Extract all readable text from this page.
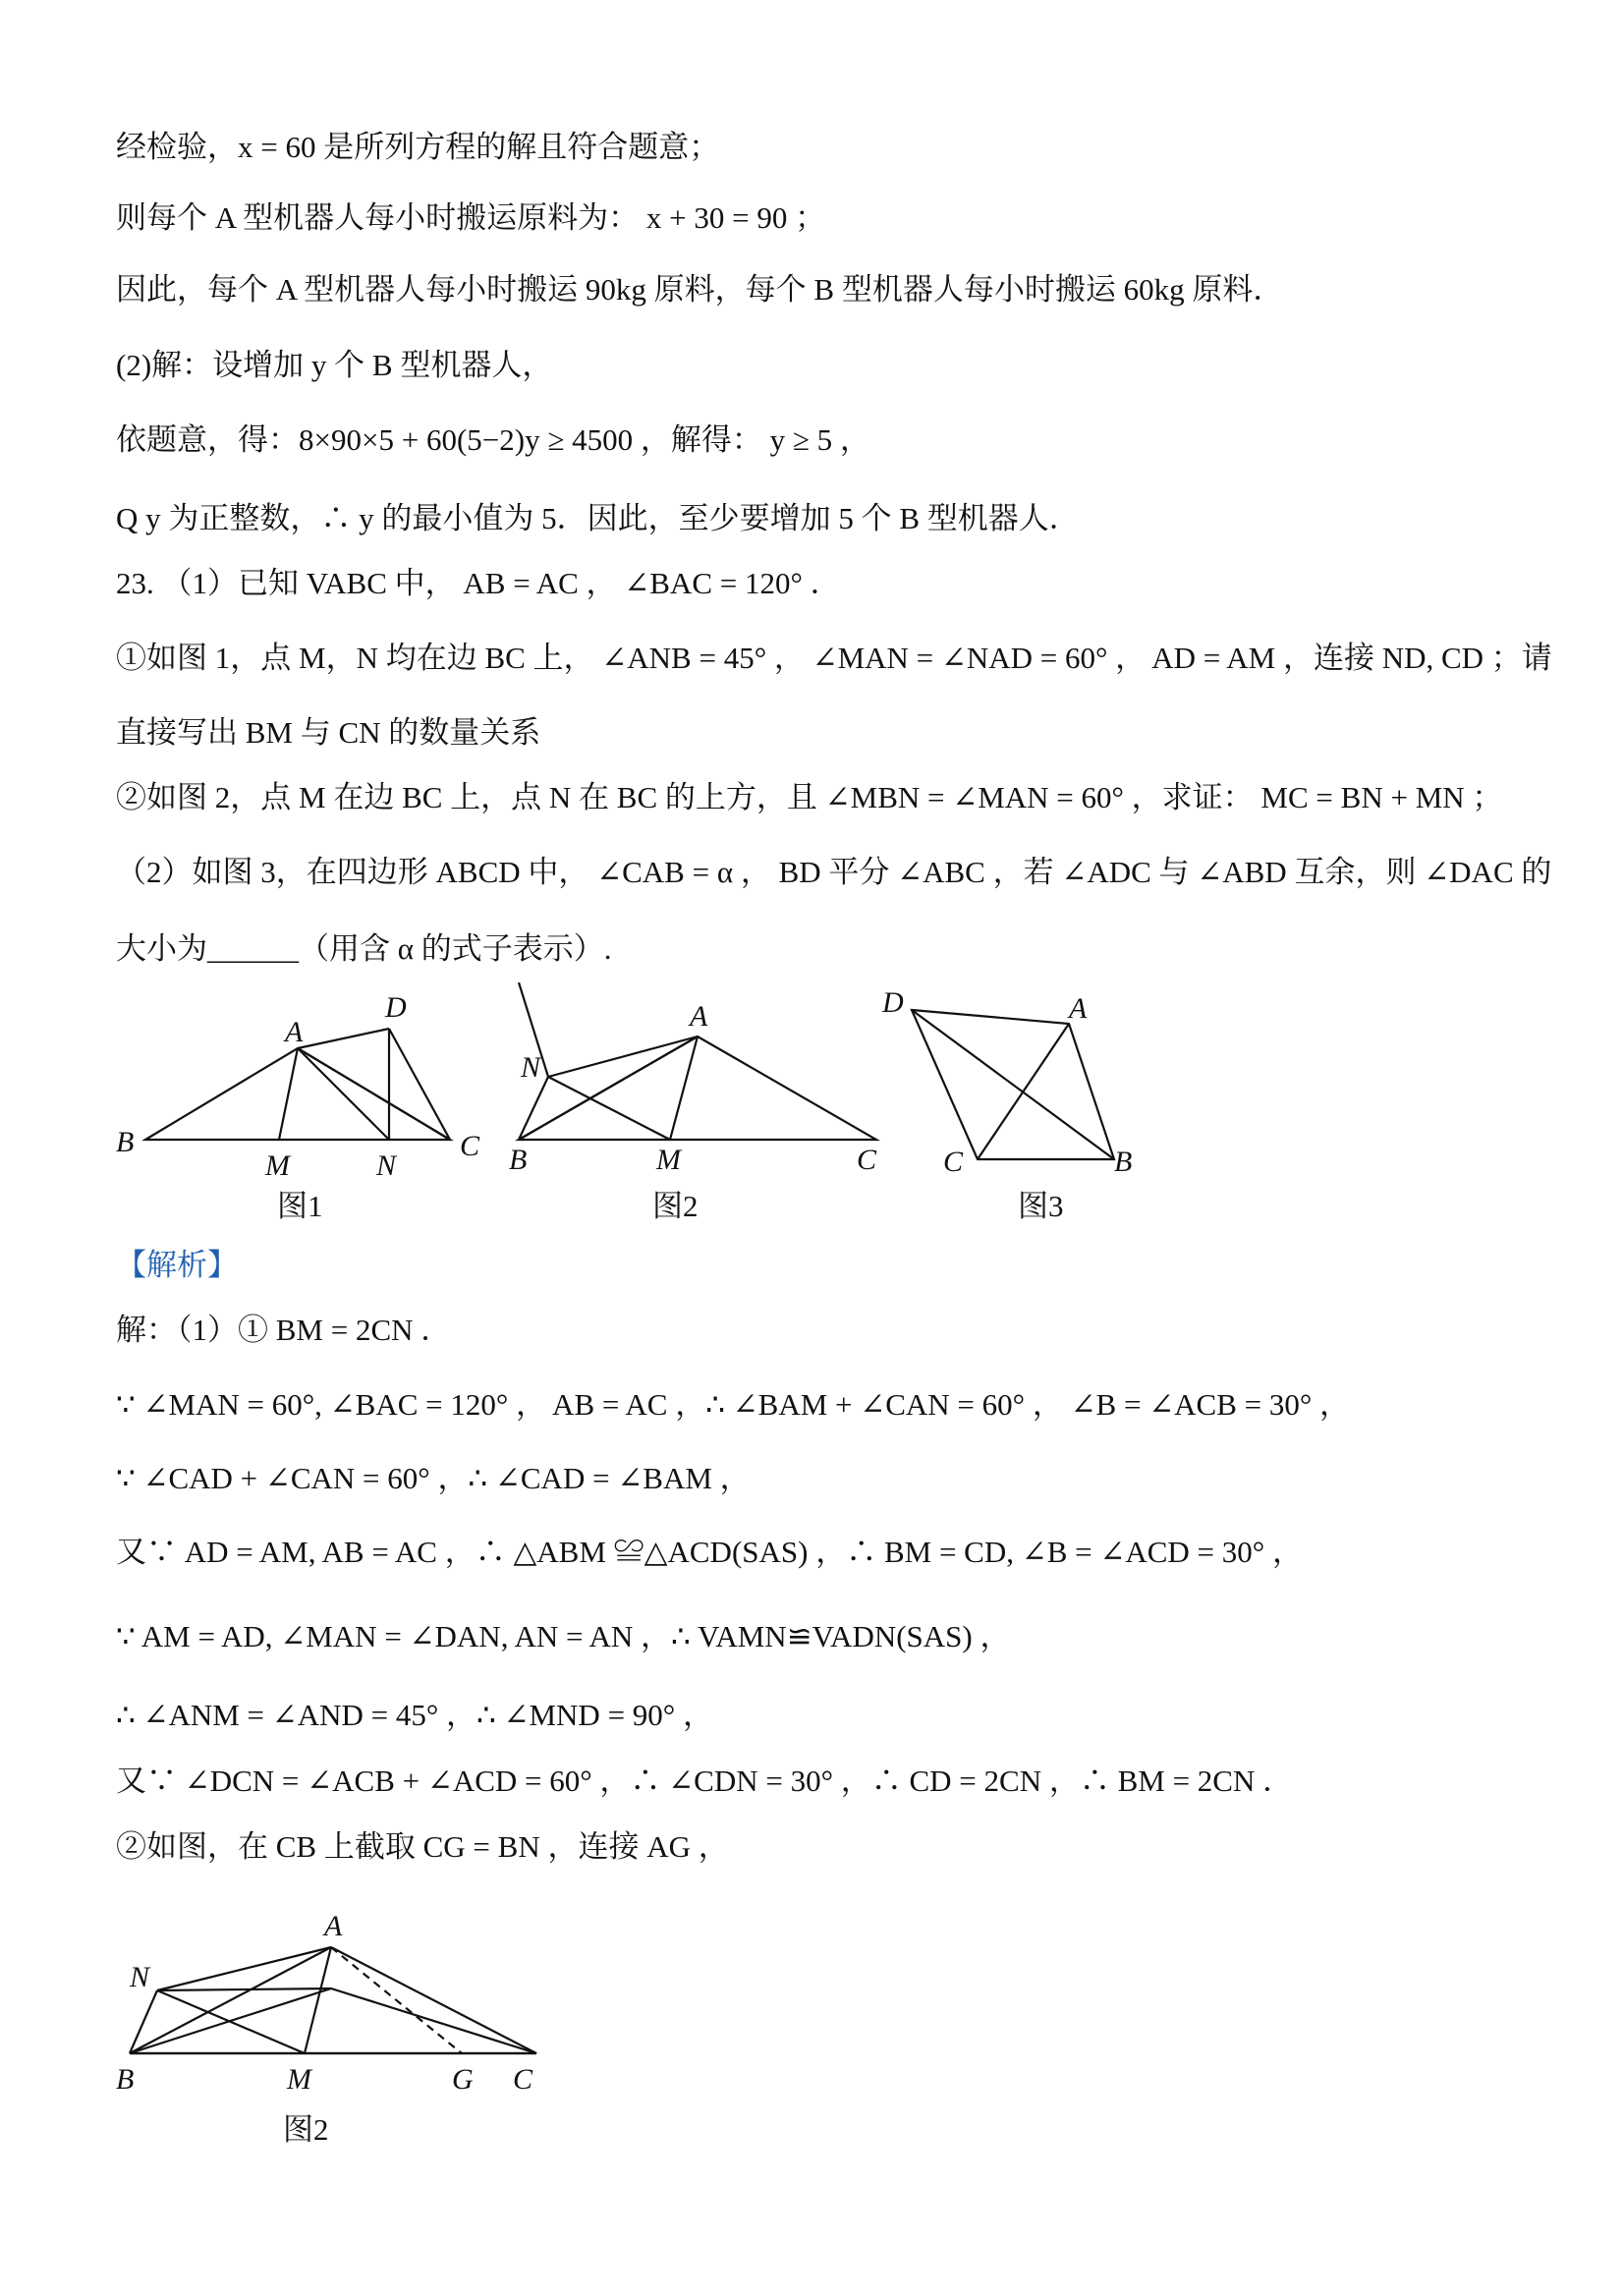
经检验，x = 60 是所列方程的解且符合题意；
则每个 A 型机器人每小时搬运原料为： x + 30 = 90 ；
因此，每个 A 型机器人每小时搬运 90kg 原料，每个 B 型机器人每小时搬运 60kg 原料．
(2)解：设增加 y 个 B 型机器人，
依题意，得：8×90×5 + 60(5−2)y ≥ 4500 ，解得： y ≥ 5 ，
Q y 为正整数，∴ y 的最小值为 5．因此，至少要增加 5 个 B 型机器人．
23. （1）已知 VABC 中， AB = AC ， ∠BAC = 120° ．
①如图 1，点 M，N 均在边 BC 上， ∠ANB = 45° ， ∠MAN = ∠NAD = 60° ， AD = AM ，连接 ND, CD ；请
直接写出 BM 与 CN 的数量关系
②如图 2，点 M 在边 BC 上，点 N 在 BC 的上方，且 ∠MBN = ∠MAN = 60° ，求证： MC = BN + MN ；
（2）如图 3，在四边形 ABCD 中， ∠CAB = α ， BD 平分 ∠ABC ，若 ∠ADC 与 ∠ABD 互余，则 ∠DAC 的
大小为______（用含 α 的式子表示）.
A
D
B
M	N
C
图1
A
N
B	M	C
图2
D	A
C	B
图3
【解析】
解：（1）① BM = 2CN ．
∵ ∠MAN = 60°, ∠BAC = 120° ， AB = AC ，∴ ∠BAM + ∠CAN = 60° ， ∠B = ∠ACB = 30° ，
∵ ∠CAD + ∠CAN = 60° ，∴ ∠CAD = ∠BAM ，
又∵ AD = AM, AB = AC ，∴ △ABM ≌△ACD(SAS) ，∴ BM = CD, ∠B = ∠ACD = 30° ，
∵ AM = AD, ∠MAN = ∠DAN, AN = AN ，∴ VAMN≌VADN(SAS) ，
∴ ∠ANM = ∠AND = 45° ，∴ ∠MND = 90° ，
又∵ ∠DCN = ∠ACB + ∠ACD = 60° ，∴ ∠CDN = 30° ，∴ CD = 2CN ，∴ BM = 2CN ．
②如图，在 CB 上截取 CG = BN ，连接 AG ，
A
N
B	M	G C
图2
